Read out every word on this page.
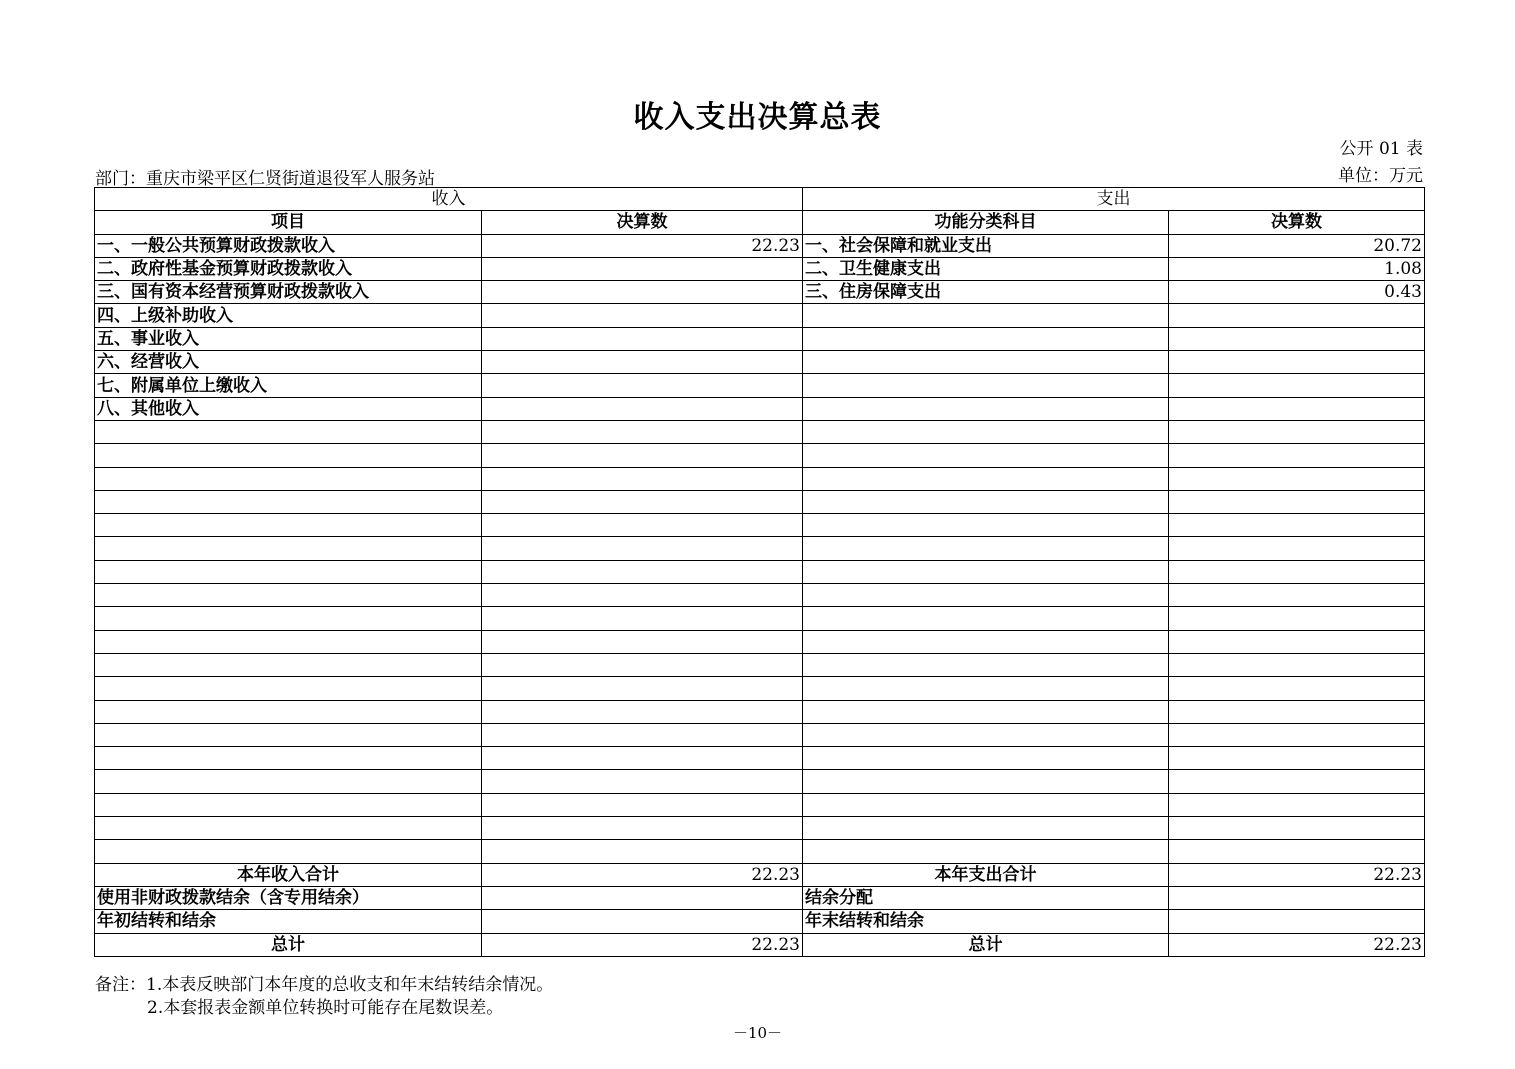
收入支出决算总表
公开 01 表
部门：重庆市梁平区仁贤街道退役军人服务站	单位：万元
收入		支出	
项目	决算数	功能分类科目	决算数
一、一般公共预算财政拨款收入	22.23	一、社会保障和就业支出	20.72
二、政府性基金预算财政拨款收入		二、卫生健康支出	1.08
三、国有资本经营预算财政拨款收入		三、住房保障支出	0.43
四、上级补助收入			
五、事业收入			
六、经营收入			
七、附属单位上缴收入			
八、其他收入			

本年收入合计	22.23	本年支出合计	22.23
使用非财政拨款结余（含专用结余）		结余分配	
年初结转和结余		年末结转和结余	
总计	22.23	总计	22.23
备注：1.本表反映部门本年度的总收支和年末结转结余情况。
2.本套报表金额单位转换时可能存在尾数误差。
－10－
